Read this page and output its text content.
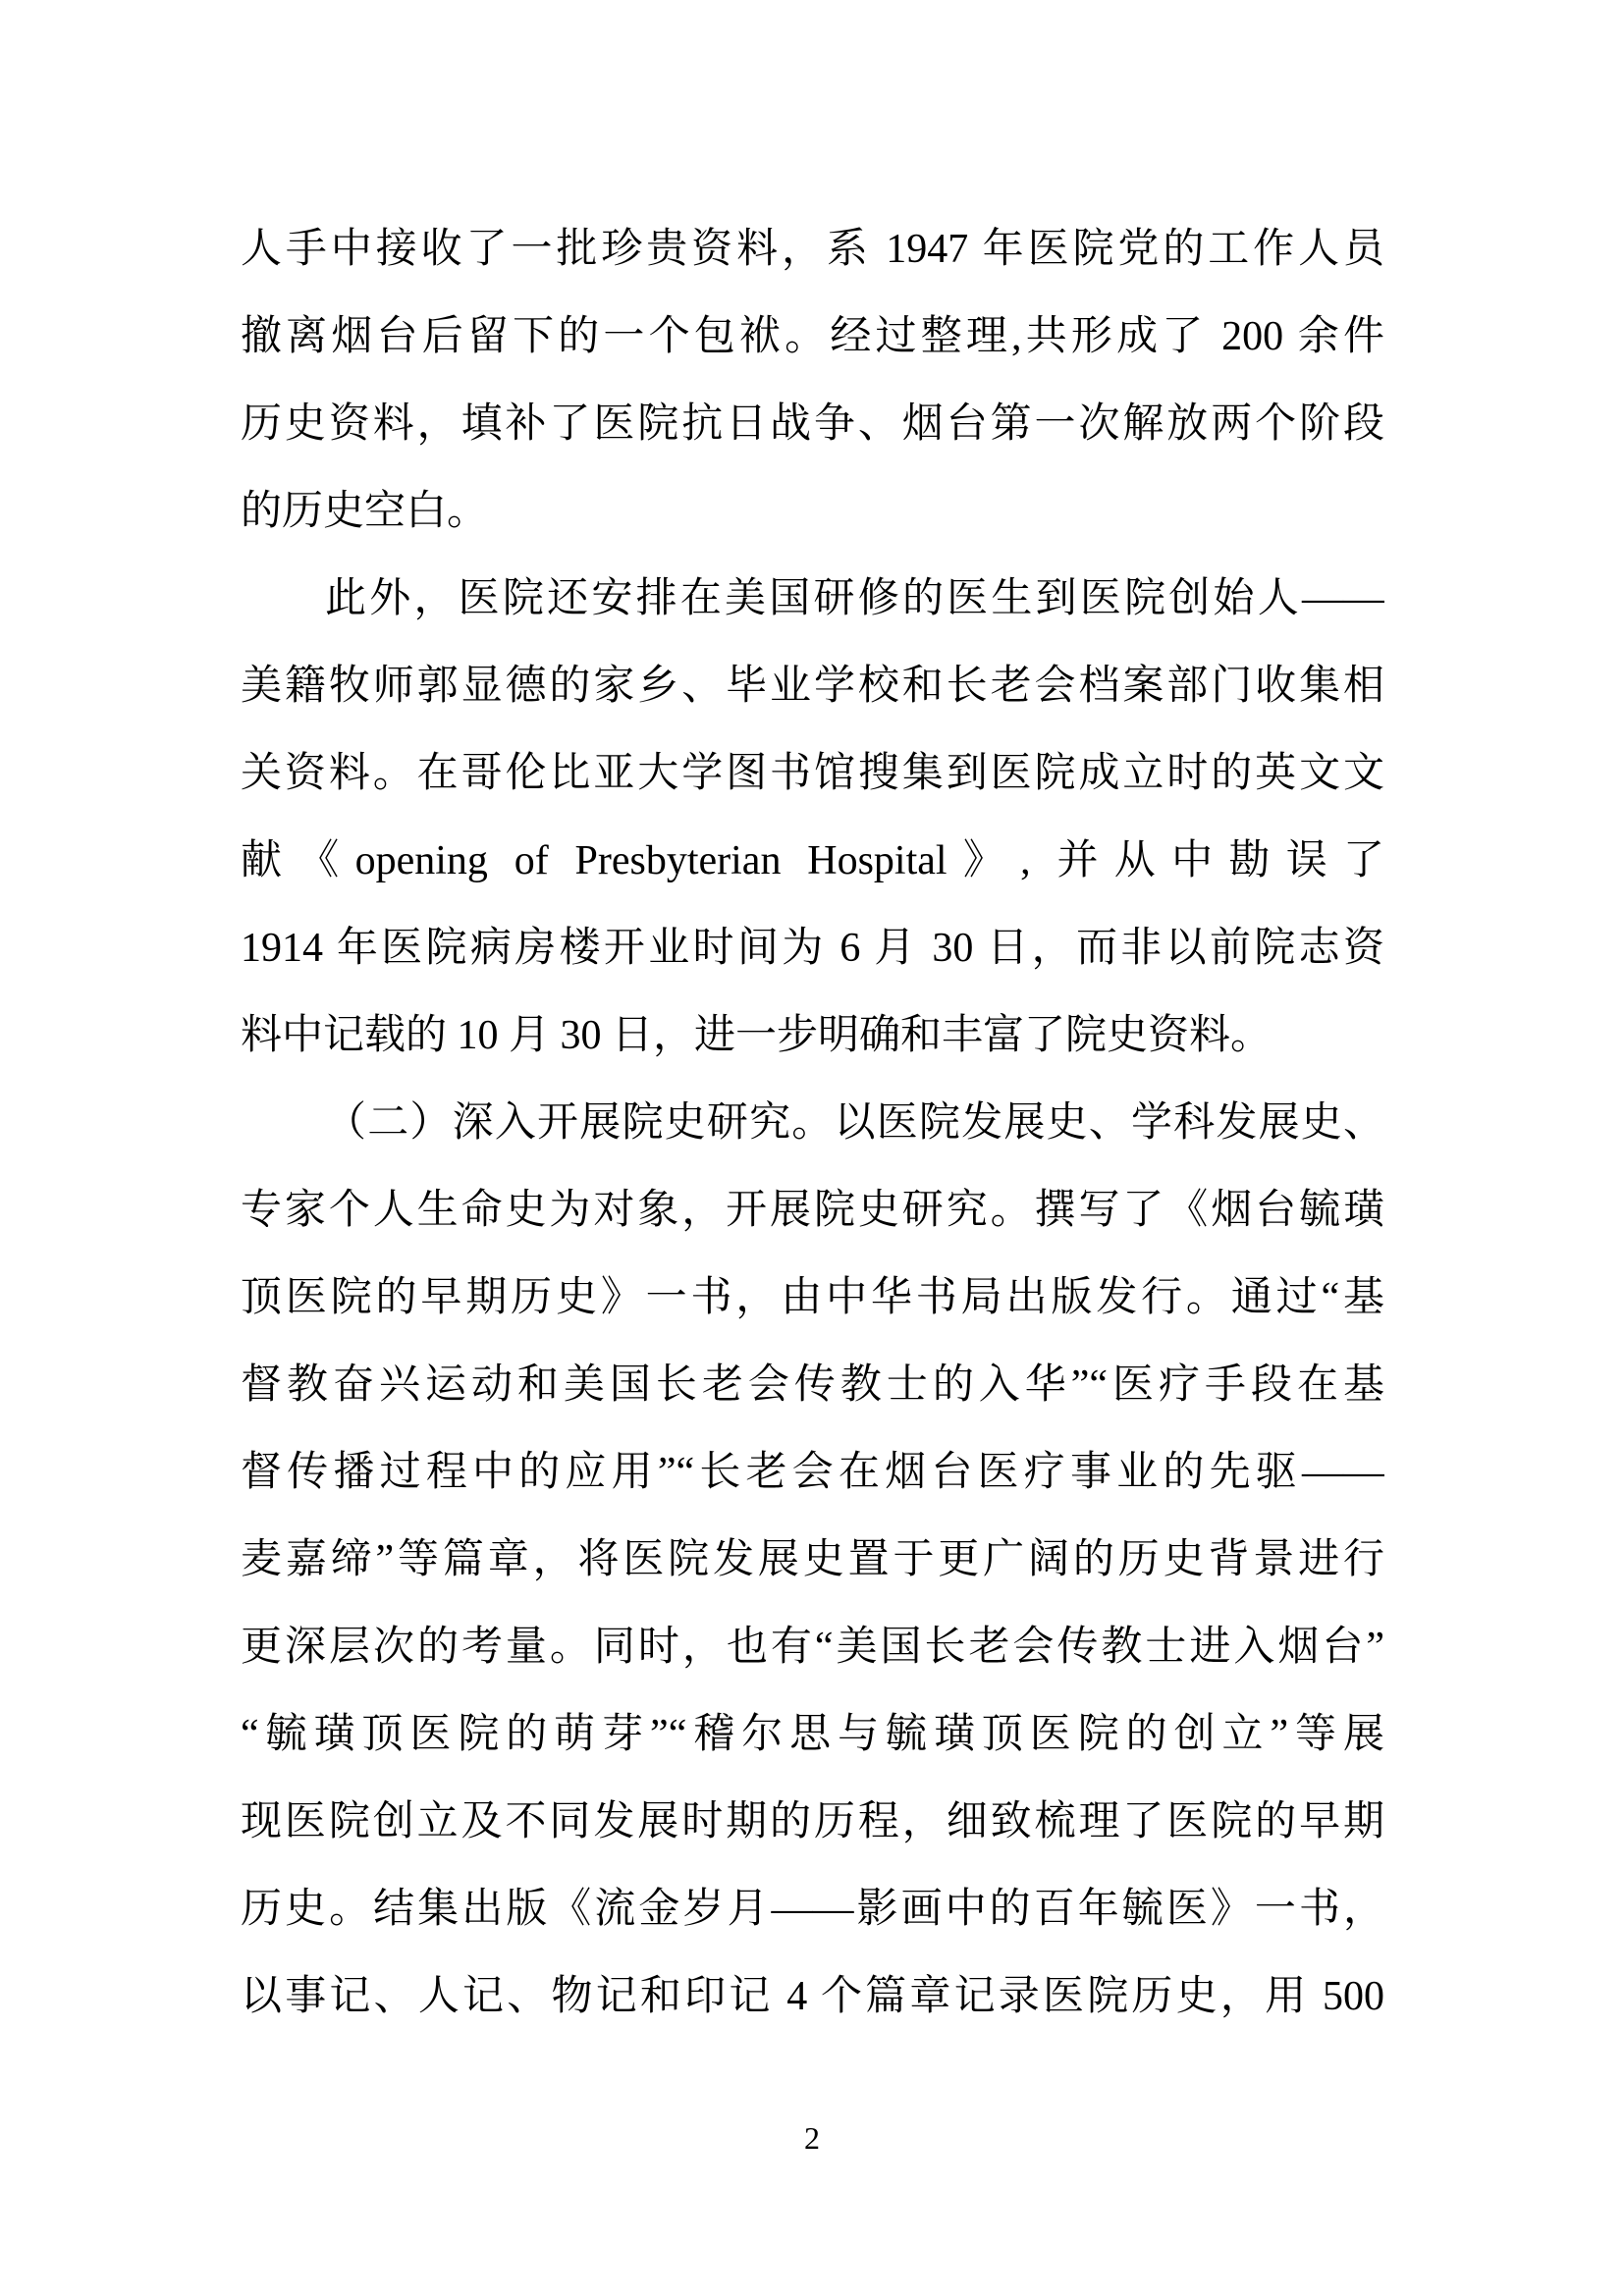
人手中接收了一批珍贵资料，系 1947 年医院党的工作人员
撤离烟台后留下的一个包袱。经过整理,共形成了 200 余件
历史资料，填补了医院抗日战争、烟台第一次解放两个阶段
的历史空白。
此外，医院还安排在美国研修的医生到医院创始人——
美籍牧师郭显德的家乡、毕业学校和长老会档案部门收集相
关资料。在哥伦比亚大学图书馆搜集到医院成立时的英文文
献《opening of Presbyterian Hospital》, 并从中勘误了
1914 年医院病房楼开业时间为 6 月 30 日，而非以前院志资
料中记载的 10 月 30 日，进一步明确和丰富了院史资料。
（二）深入开展院史研究。以医院发展史、学科发展史、
专家个人生命史为对象，开展院史研究。撰写了《烟台毓璜
顶医院的早期历史》一书，由中华书局出版发行。通过“基
督教奋兴运动和美国长老会传教士的入华”“医疗手段在基
督传播过程中的应用”“长老会在烟台医疗事业的先驱——
麦嘉缔”等篇章，将医院发展史置于更广阔的历史背景进行
更深层次的考量。同时，也有“美国长老会传教士进入烟台”
“毓璜顶医院的萌芽”“稽尔思与毓璜顶医院的创立”等展
现医院创立及不同发展时期的历程，细致梳理了医院的早期
历史。结集出版《流金岁月——影画中的百年毓医》一书，
以事记、人记、物记和印记 4 个篇章记录医院历史，用 500
2
